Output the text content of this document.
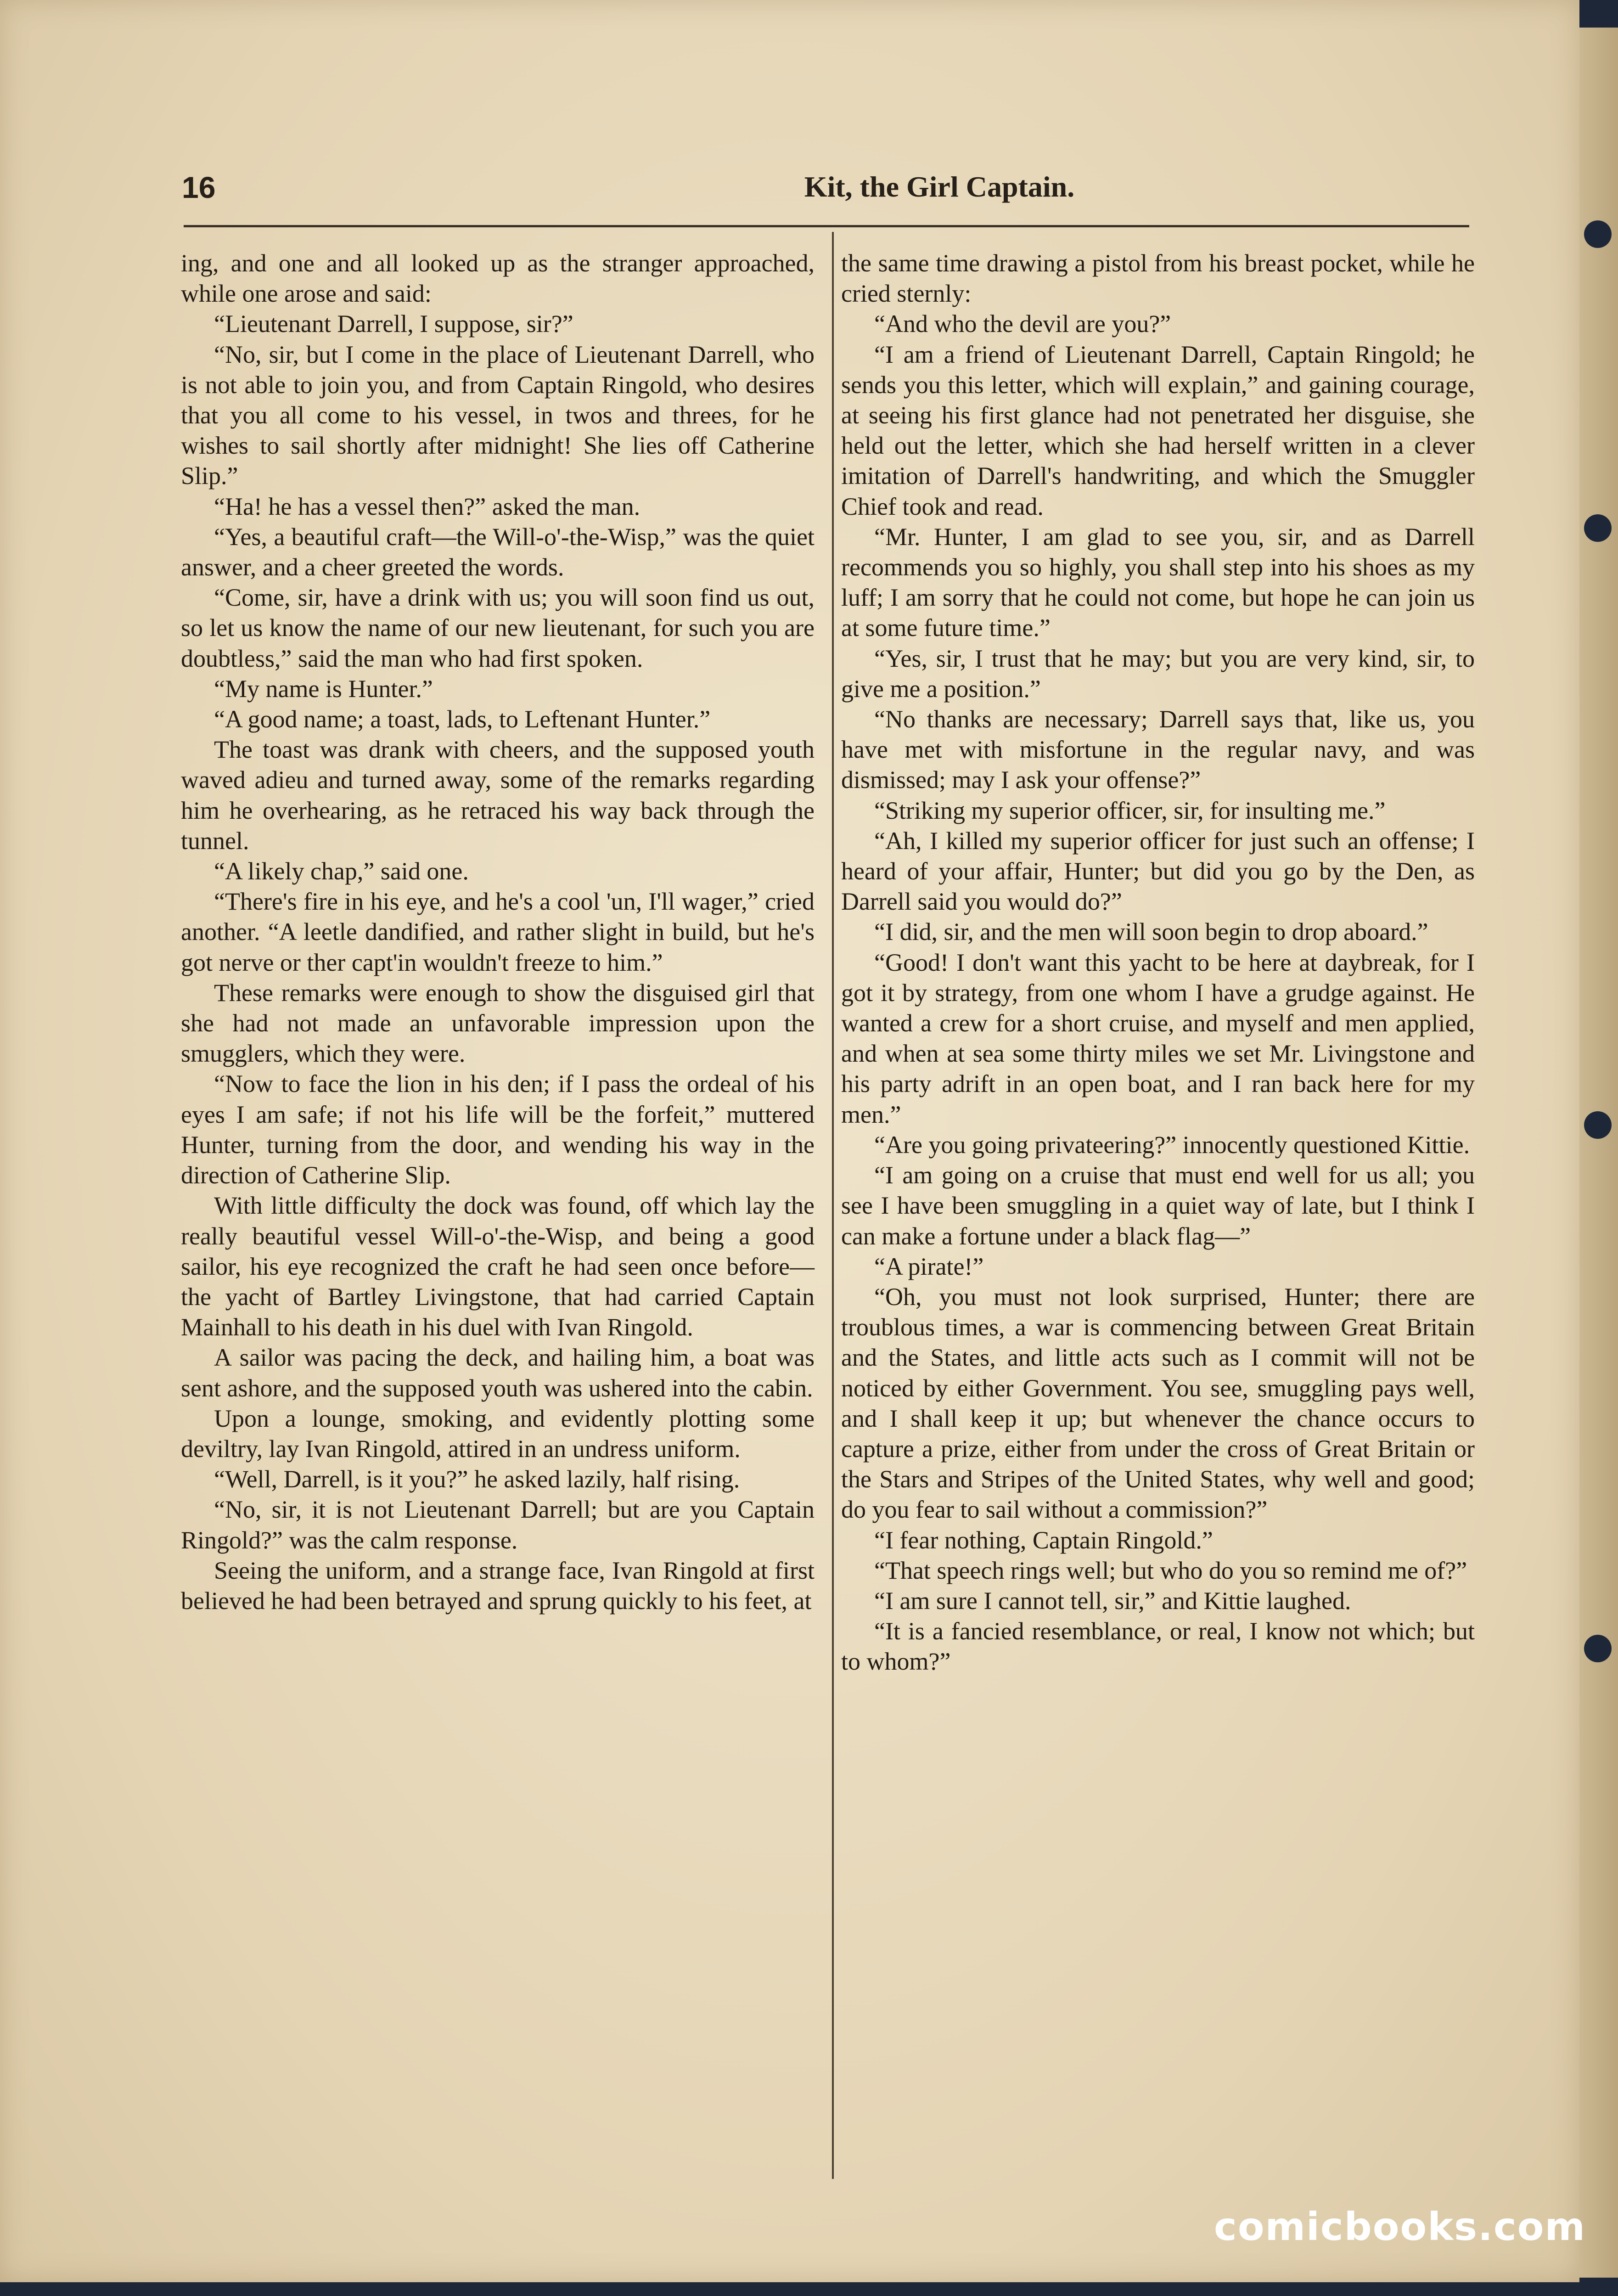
16	Kit, the Girl Captain.

ing, and one and all looked up as the stranger approached, while one arose and said:

“Lieutenant Darrell, I suppose, sir?”

“No, sir, but I come in the place of Lieutenant Darrell, who is not able to join you, and from Captain Ringold, who desires that you all come to his vessel, in twos and threes, for he wishes to sail shortly after midnight! She lies off Catherine Slip.”

“Ha! he has a vessel then?” asked the man.

“Yes, a beautiful craft—the Will-o'-the-Wisp,” was the quiet answer, and a cheer greeted the words.

“Come, sir, have a drink with us; you will soon find us out, so let us know the name of our new lieutenant, for such you are doubtless,” said the man who had first spoken.

“My name is Hunter.”

“A good name; a toast, lads, to Leftenant Hunter.”

The toast was drank with cheers, and the supposed youth waved adieu and turned away, some of the remarks regarding him he overhearing, as he retraced his way back through the tunnel.

“A likely chap,” said one.

“There's fire in his eye, and he's a cool 'un, I'll wager,” cried another. “A leetle dandified, and rather slight in build, but he's got nerve or ther capt'in wouldn't freeze to him.”

These remarks were enough to show the disguised girl that she had not made an unfavorable impression upon the smugglers, which they were.

“Now to face the lion in his den; if I pass the ordeal of his eyes I am safe; if not his life will be the forfeit,” muttered Hunter, turning from the door, and wending his way in the direction of Catherine Slip.

With little difficulty the dock was found, off which lay the really beautiful vessel Will-o'-the-Wisp, and being a good sailor, his eye recognized the craft he had seen once before—the yacht of Bartley Livingstone, that had carried Captain Mainhall to his death in his duel with Ivan Ringold.

A sailor was pacing the deck, and hailing him, a boat was sent ashore, and the supposed youth was ushered into the cabin.

Upon a lounge, smoking, and evidently plotting some deviltry, lay Ivan Ringold, attired in an undress uniform.

“Well, Darrell, is it you?” he asked lazily, half rising.

“No, sir, it is not Lieutenant Darrell; but are you Captain Ringold?” was the calm response.

Seeing the uniform, and a strange face, Ivan Ringold at first believed he had been betrayed and sprung quickly to his feet, at

the same time drawing a pistol from his breast pocket, while he cried sternly:

“And who the devil are you?”

“I am a friend of Lieutenant Darrell, Captain Ringold; he sends you this letter, which will explain,” and gaining courage, at seeing his first glance had not penetrated her disguise, she held out the letter, which she had herself written in a clever imitation of Darrell's handwriting, and which the Smuggler Chief took and read.

“Mr. Hunter, I am glad to see you, sir, and as Darrell recommends you so highly, you shall step into his shoes as my luff; I am sorry that he could not come, but hope he can join us at some future time.”

“Yes, sir, I trust that he may; but you are very kind, sir, to give me a position.”

“No thanks are necessary; Darrell says that, like us, you have met with misfortune in the regular navy, and was dismissed; may I ask your offense?”

“Striking my superior officer, sir, for insulting me.”

“Ah, I killed my superior officer for just such an offense; I heard of your affair, Hunter; but did you go by the Den, as Darrell said you would do?”

“I did, sir, and the men will soon begin to drop aboard.”

“Good! I don't want this yacht to be here at daybreak, for I got it by strategy, from one whom I have a grudge against. He wanted a crew for a short cruise, and myself and men applied, and when at sea some thirty miles we set Mr. Livingstone and his party adrift in an open boat, and I ran back here for my men.”

“Are you going privateering?” innocently questioned Kittie.

“I am going on a cruise that must end well for us all; you see I have been smuggling in a quiet way of late, but I think I can make a fortune under a black flag—”

“A pirate!”

“Oh, you must not look surprised, Hunter; there are troublous times, a war is commencing between Great Britain and the States, and little acts such as I commit will not be noticed by either Government. You see, smuggling pays well, and I shall keep it up; but whenever the chance occurs to capture a prize, either from under the cross of Great Britain or the Stars and Stripes of the United States, why well and good; do you fear to sail without a commission?”

“I fear nothing, Captain Ringold.”

“That speech rings well; but who do you so remind me of?”

“I am sure I cannot tell, sir,” and Kittie laughed.

“It is a fancied resemblance, or real, I know not which; but to whom?”

comicbooks.com
